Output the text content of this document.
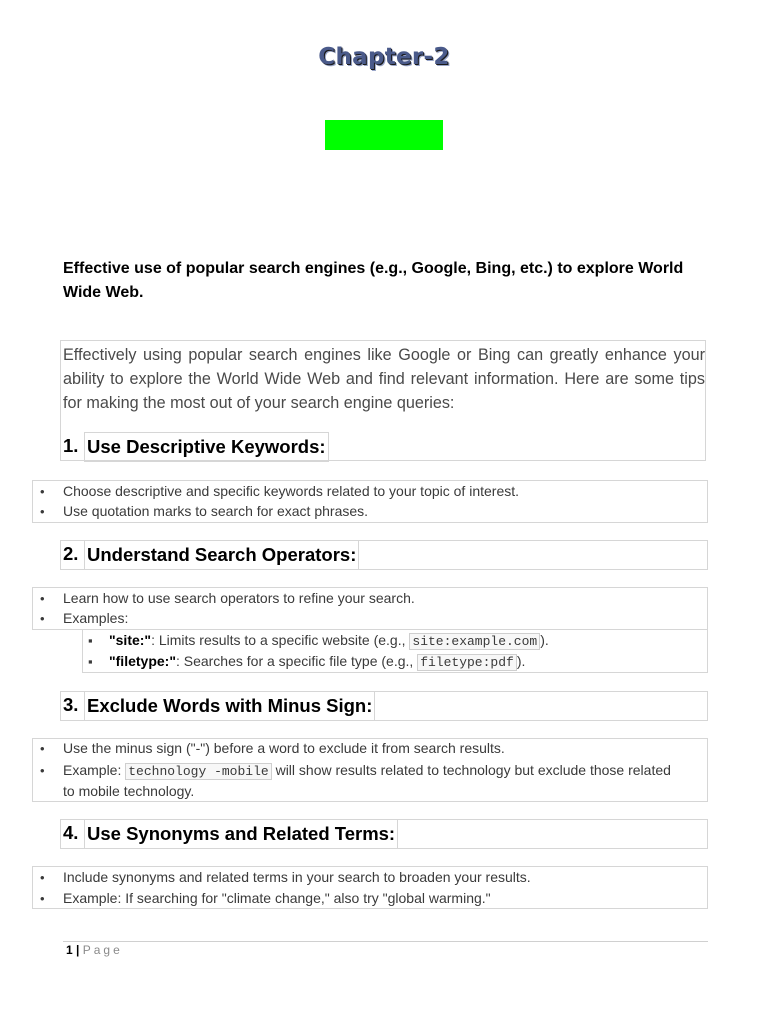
Chapter-2
Effective use of popular search engines (e.g., Google, Bing, etc.) to explore World Wide Web.
Effectively using popular search engines like Google or Bing can greatly enhance your ability to explore the World Wide Web and find relevant information. Here are some tips for making the most out of your search engine queries:
1. Use Descriptive Keywords:
• Choose descriptive and specific keywords related to your topic of interest.
• Use quotation marks to search for exact phrases.
2. Understand Search Operators:
• Learn how to use search operators to refine your search.
• Examples:
▪ "site:": Limits results to a specific website (e.g., site:example.com ).
▪ "filetype:": Searches for a specific file type (e.g., filetype:pdf ).
3. Exclude Words with Minus Sign:
• Use the minus sign ("-") before a word to exclude it from search results.
• Example: technology -mobile will show results related to technology but exclude those related
to mobile technology.
4. Use Synonyms and Related Terms:
• Include synonyms and related terms in your search to broaden your results.
• Example: If searching for "climate change," also try "global warming."
1 | Page
